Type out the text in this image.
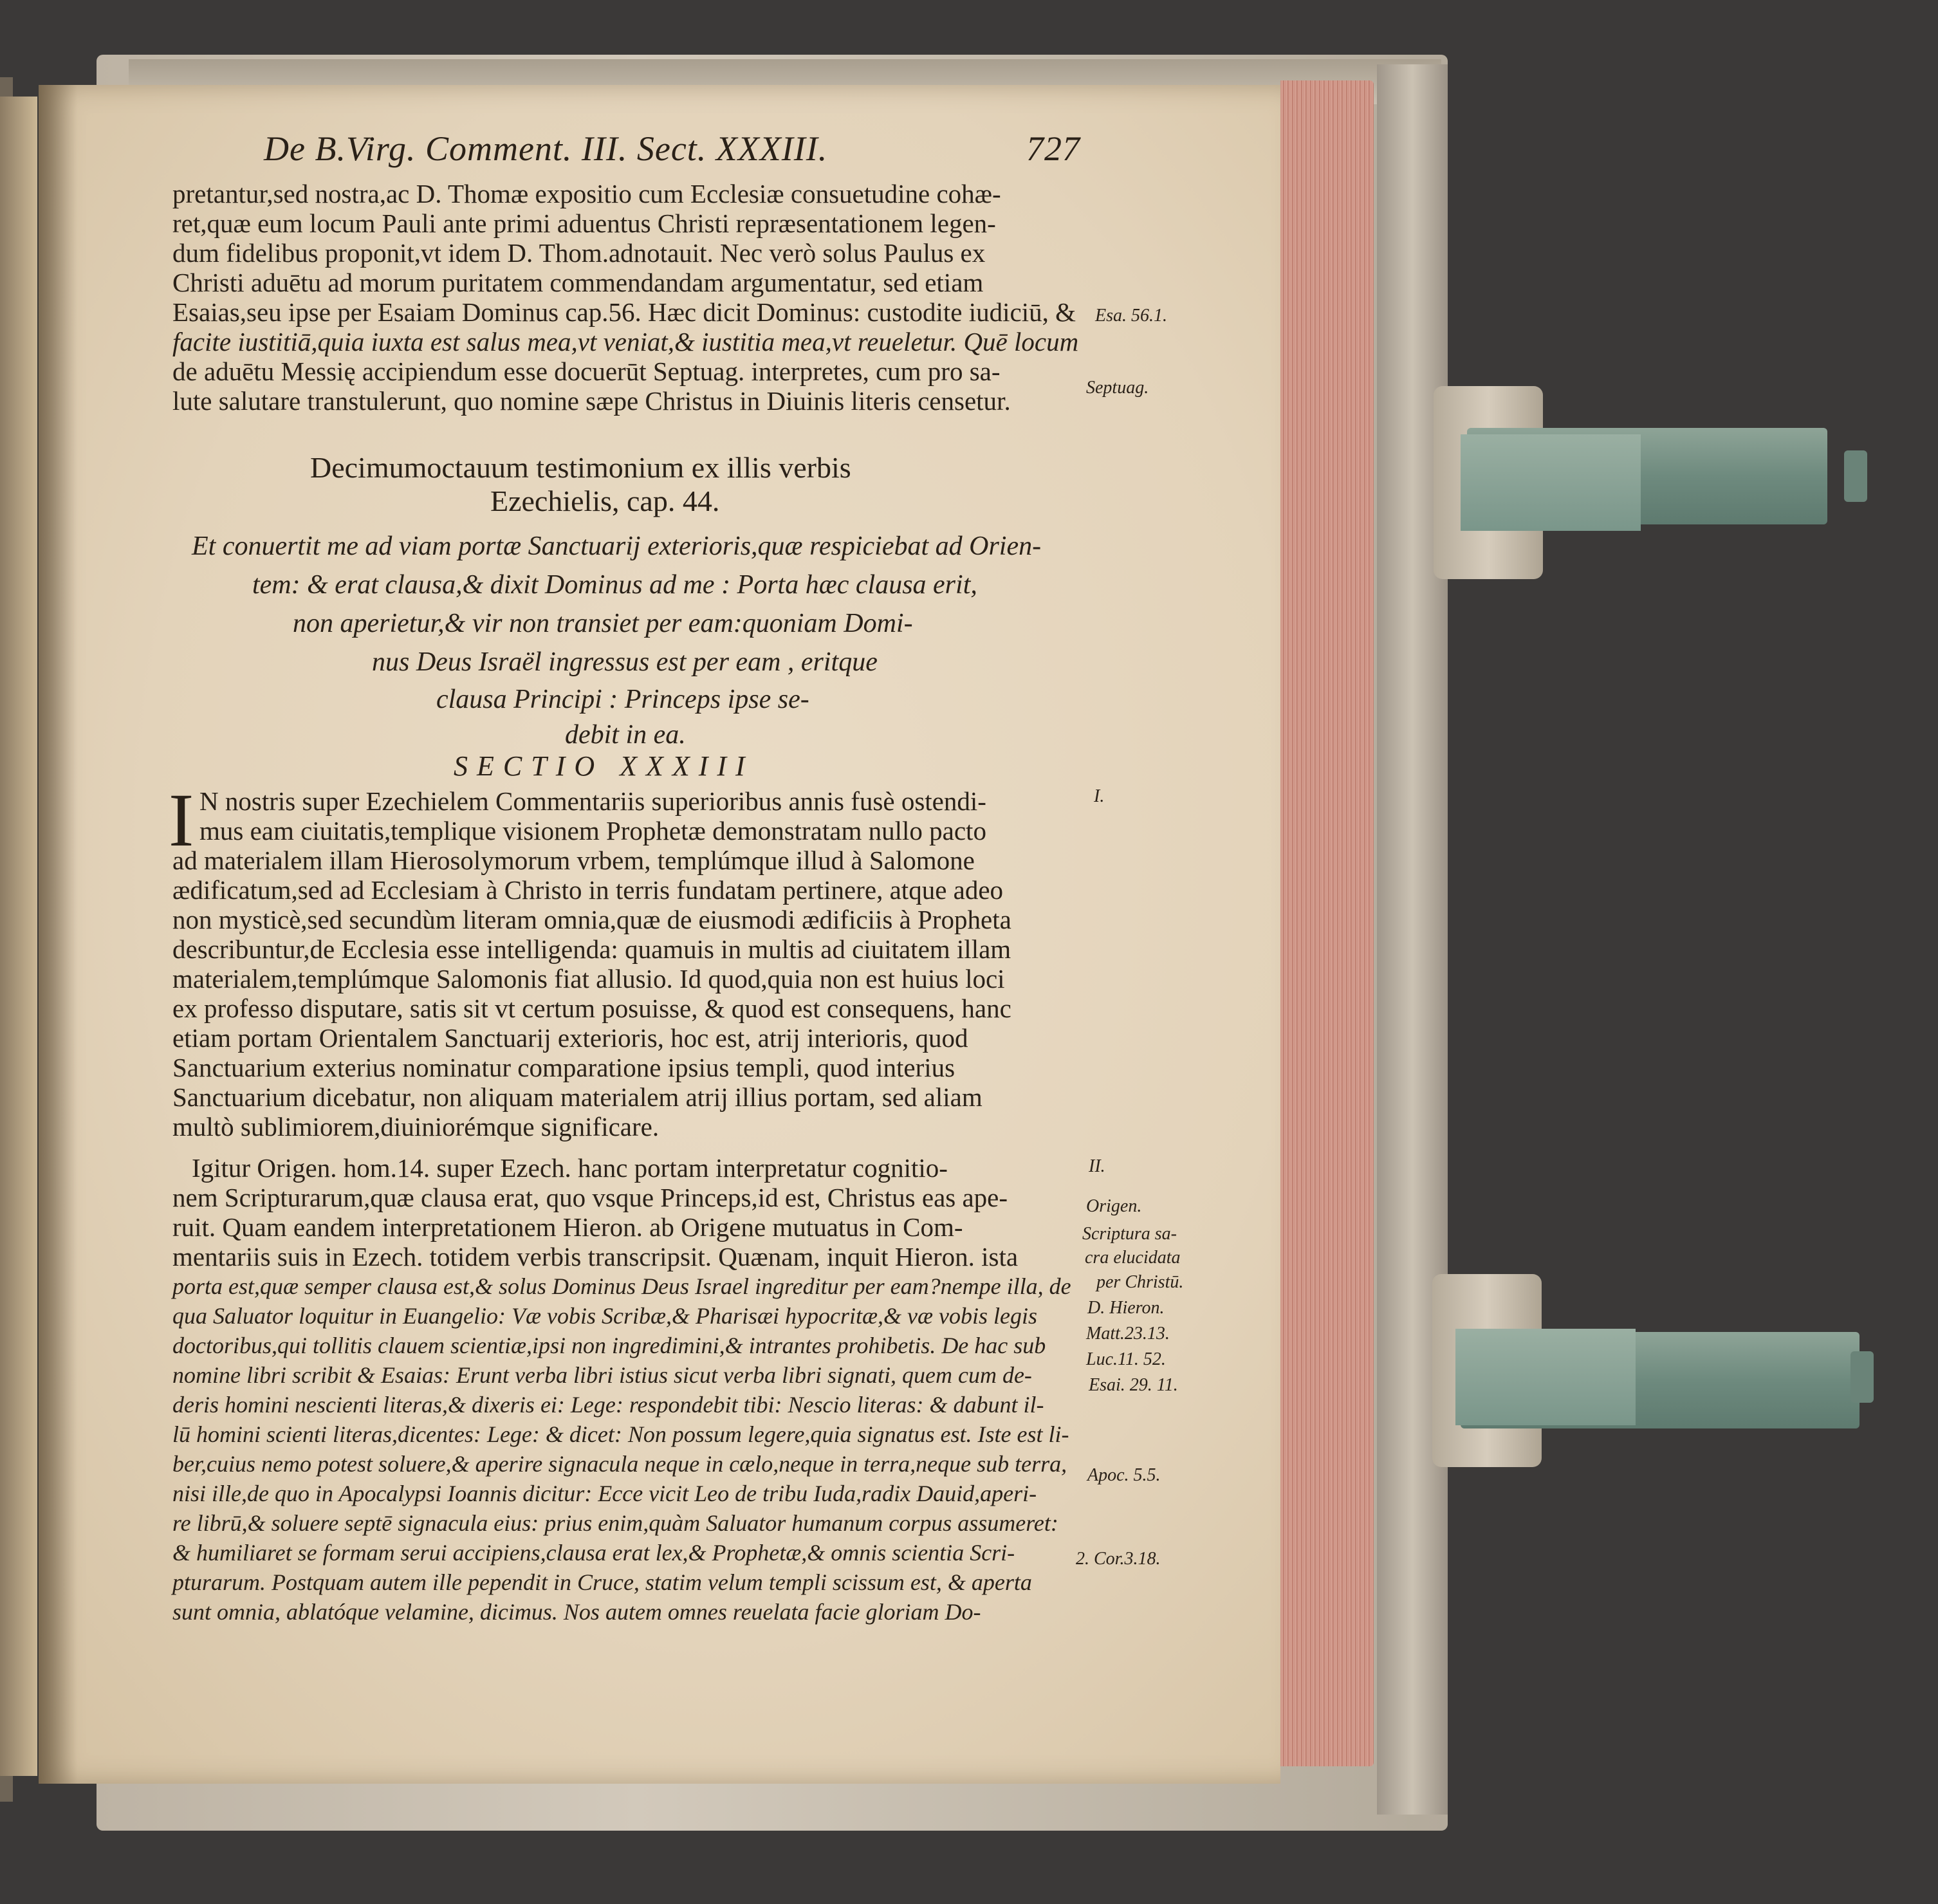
De B.Virg. Comment. III. Sect. XXXIII.	727
pretantur,sed nostra,ac D. Thomæ expositio cum Ecclesiæ consuetudine cohæ-
ret,quæ eum locum Pauli ante primi aduentus Christi repræsentationem legen-
dum fidelibus proponit,vt idem D. Thom.adnotauit. Nec verò solus Paulus ex
Christi aduētu ad morum puritatem commendandam argumentatur, sed etiam
Esaias,seu ipse per Esaiam Dominus cap.56. Hæc dicit Dominus: custodite iudiciū, &
facite iustitiā,quia iuxta est salus mea,vt veniat,& iustitia mea,vt reueletur. Quē locum
de aduētu Messię accipiendum esse docuerūt Septuag. interpretes, cum pro sa-
lute salutare transtulerunt, quo nomine sæpe Christus in Diuinis literis censetur.
Decimumoctauum testimonium ex illis verbis
Ezechielis, cap. 44.
Et conuertit me ad viam portæ Sanctuarij exterioris,quæ respiciebat ad Orien-
tem: & erat clausa,& dixit Dominus ad me : Porta hæc clausa erit,
non aperietur,& vir non transiet per eam:quoniam Domi-
nus Deus Israël ingressus est per eam , eritque
clausa Principi : Princeps ipse se-
debit in ea.
SECTIO XXXIII
I N nostris super Ezechielem Commentariis superioribus annis fusè ostendi-
mus eam ciuitatis,templique visionem Prophetæ demonstratam nullo pacto
ad materialem illam Hierosolymorum vrbem, templúmque illud à Salomone
ædificatum,sed ad Ecclesiam à Christo in terris fundatam pertinere, atque adeo
non mysticè,sed secundùm literam omnia,quæ de eiusmodi ædificiis à Propheta
describuntur,de Ecclesia esse intelligenda: quamuis in multis ad ciuitatem illam
materialem,templúmque Salomonis fiat allusio. Id quod,quia non est huius loci
ex professo disputare, satis sit vt certum posuisse, & quod est consequens, hanc
etiam portam Orientalem Sanctuarij exterioris, hoc est, atrij interioris, quod
Sanctuarium exterius nominatur comparatione ipsius templi, quod interius
Sanctuarium dicebatur, non aliquam materialem atrij illius portam, sed aliam
multò sublimiorem,diuiniorémque significare.
Igitur Origen. hom.14. super Ezech. hanc portam interpretatur cognitio-
nem Scripturarum,quæ clausa erat, quo vsque Princeps,id est, Christus eas ape-
ruit. Quam eandem interpretationem Hieron. ab Origene mutuatus in Com-
mentariis suis in Ezech. totidem verbis transcripsit. Quænam, inquit Hieron. ista
porta est,quæ semper clausa est,& solus Dominus Deus Israel ingreditur per eam?nempe illa, de
qua Saluator loquitur in Euangelio: Væ vobis Scribæ,& Pharisæi hypocritæ,& væ vobis legis
doctoribus,qui tollitis clauem scientiæ,ipsi non ingredimini,& intrantes prohibetis. De hac sub
nomine libri scribit & Esaias: Erunt verba libri istius sicut verba libri signati, quem cum de-
deris homini nescienti literas,& dixeris ei: Lege: respondebit tibi: Nescio literas: & dabunt il-
lū homini scienti literas,dicentes: Lege: & dicet: Non possum legere,quia signatus est. Iste est li-
ber,cuius nemo potest soluere,& aperire signacula neque in cælo,neque in terra,neque sub terra,
nisi ille,de quo in Apocalypsi Ioannis dicitur: Ecce vicit Leo de tribu Iuda,radix Dauid,aperi-
re librū,& soluere septē signacula eius: prius enim,quàm Saluator humanum corpus assumeret:
& humiliaret se formam serui accipiens,clausa erat lex,& Prophetæ,& omnis scientia Scri-
pturarum. Postquam autem ille pependit in Cruce, statim velum templi scissum est, & aperta
sunt omnia, ablatóque velamine, dicimus. Nos autem omnes reuelata facie gloriam Do-
Esa. 56.1.
Septuag.
I.
II.
Origen.
Scriptura sa-
cra elucidata
per Christū.
D. Hieron.
Matt.23.13.
Luc.11. 52.
Esai. 29. 11.
Apoc. 5.5.
2. Cor.3.18.
